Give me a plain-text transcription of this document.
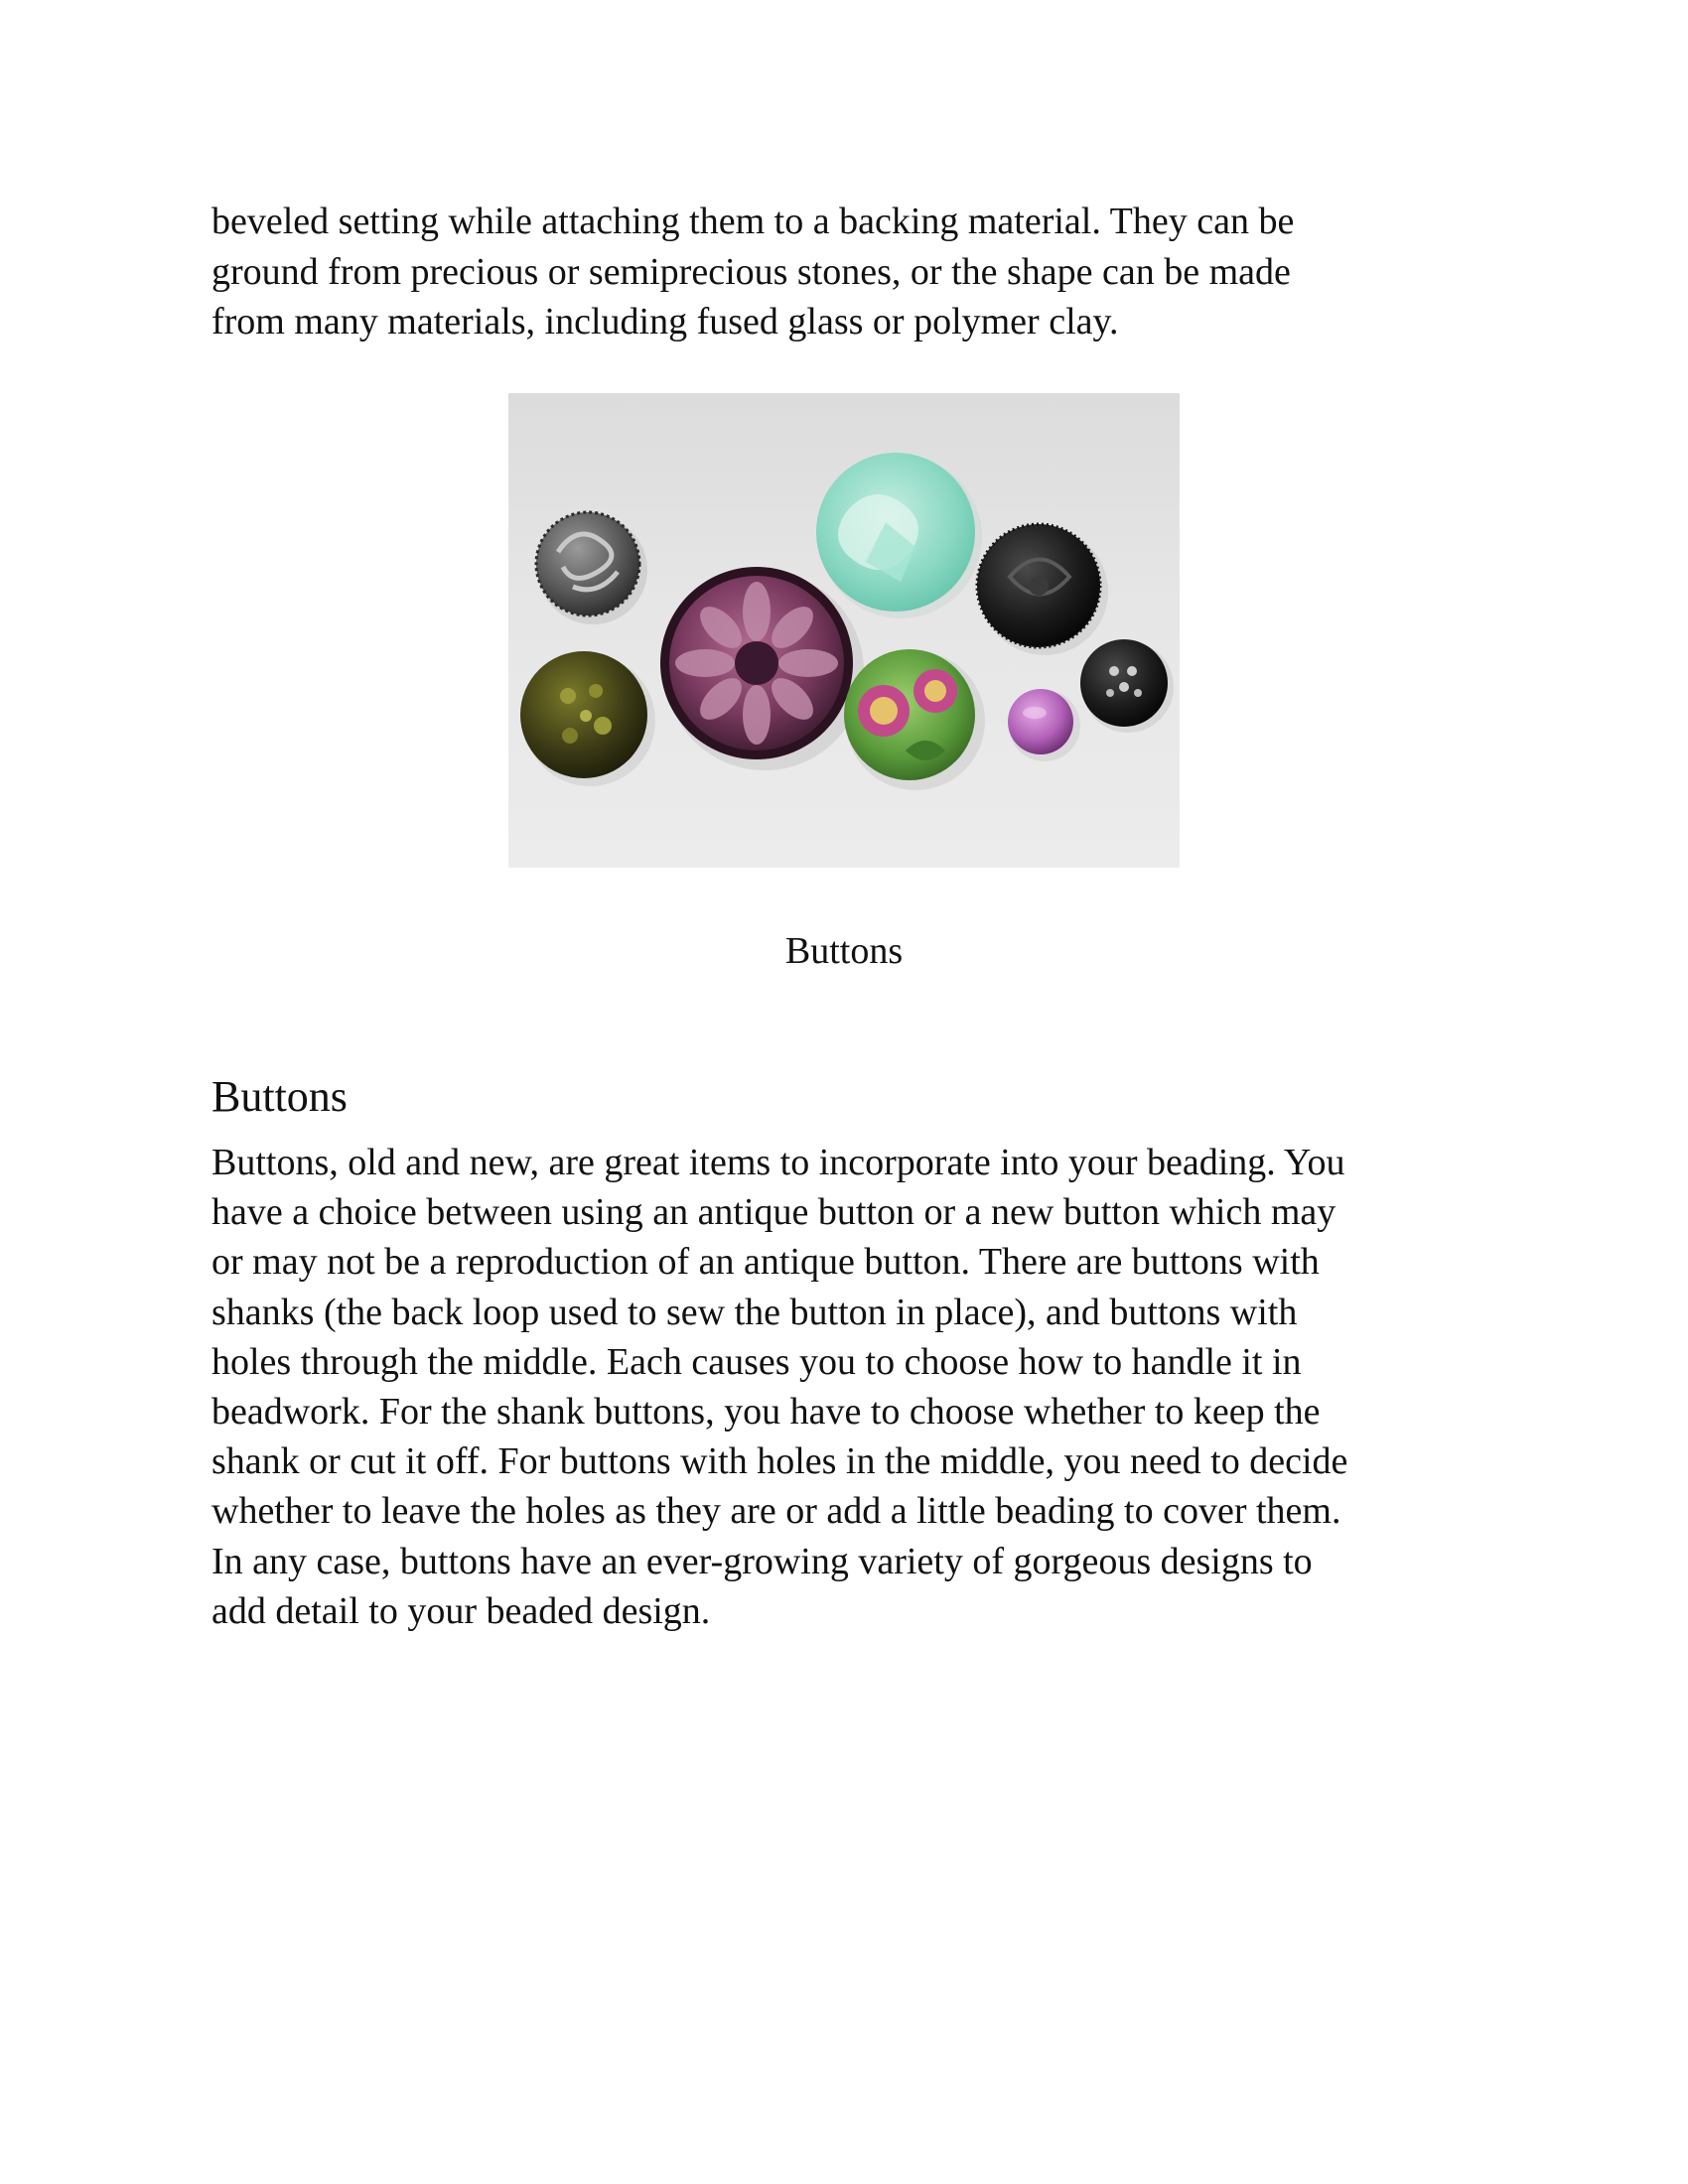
beveled setting while attaching them to a backing material. They can be
ground from precious or semiprecious stones, or the shape can be made
from many materials, including fused glass or polymer clay.
Buttons
Buttons
Buttons, old and new, are great items to incorporate into your beading. You
have a choice between using an antique button or a new button which may
or may not be a reproduction of an antique button. There are buttons with
shanks (the back loop used to sew the button in place), and buttons with
holes through the middle. Each causes you to choose how to handle it in
beadwork. For the shank buttons, you have to choose whether to keep the
shank or cut it off. For buttons with holes in the middle, you need to decide
whether to leave the holes as they are or add a little beading to cover them.
In any case, buttons have an ever-growing variety of gorgeous designs to
add detail to your beaded design.
